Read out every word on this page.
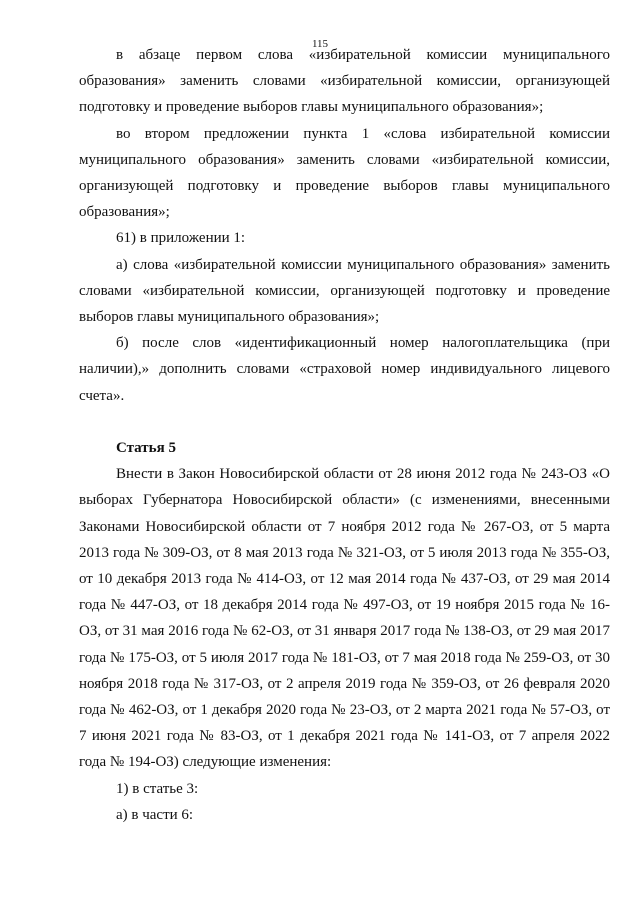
115

в абзаце первом слова «избирательной комиссии муниципального образования» заменить словами «избирательной комиссии, организующей подготовку и проведение выборов главы муниципального образования»;

во втором предложении пункта 1 «слова избирательной комиссии муниципального образования» заменить словами «избирательной комиссии, организующей подготовку и проведение выборов главы муниципального образования»;

61) в приложении 1:

а) слова «избирательной комиссии муниципального образования» заменить словами «избирательной комиссии, организующей подготовку и проведение выборов главы муниципального образования»;

б) после слов «идентификационный номер налогоплательщика (при наличии),» дополнить словами «страховой номер индивидуального лицевого счета».

Статья 5

Внести в Закон Новосибирской области от 28 июня 2012 года № 243-ОЗ «О выборах Губернатора Новосибирской области» (с изменениями, внесенными Законами Новосибирской области от 7 ноября 2012 года № 267-ОЗ, от 5 марта 2013 года № 309-ОЗ, от 8 мая 2013 года № 321-ОЗ, от 5 июля 2013 года № 355-ОЗ, от 10 декабря 2013 года № 414-ОЗ, от 12 мая 2014 года № 437-ОЗ, от 29 мая 2014 года № 447-ОЗ, от 18 декабря 2014 года № 497-ОЗ, от 19 ноября 2015 года № 16-ОЗ, от 31 мая 2016 года № 62-ОЗ, от 31 января 2017 года № 138-ОЗ, от 29 мая 2017 года № 175-ОЗ, от 5 июля 2017 года № 181-ОЗ, от 7 мая 2018 года № 259-ОЗ, от 30 ноября 2018 года № 317-ОЗ, от 2 апреля 2019 года № 359-ОЗ, от 26 февраля 2020 года № 462-ОЗ, от 1 декабря 2020 года № 23-ОЗ, от 2 марта 2021 года № 57-ОЗ, от 7 июня 2021 года № 83-ОЗ, от 1 декабря 2021 года № 141-ОЗ, от 7 апреля 2022 года № 194-ОЗ) следующие изменения:

1) в статье 3:

а) в части 6:
